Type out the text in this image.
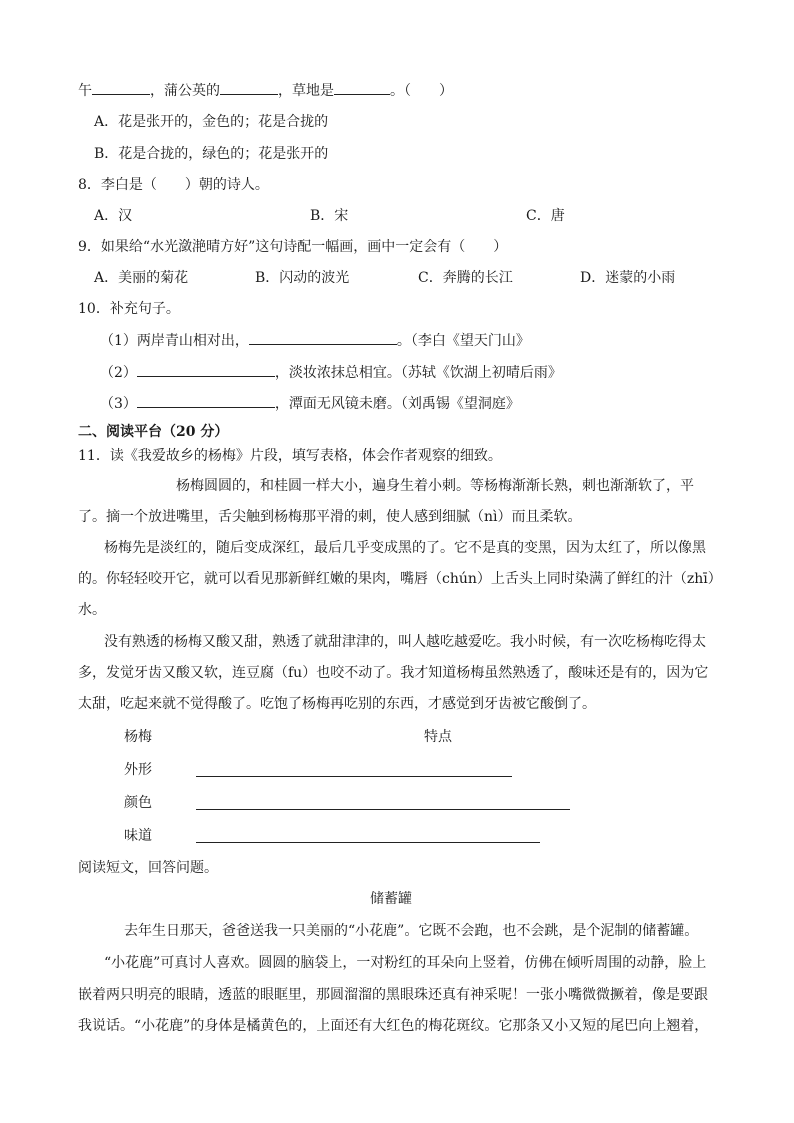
午	，蒲公英的	，草地是	。（　　）
A．花是张开的，金色的；花是合拢的
B．花是合拢的，绿色的；花是张开的
8．李白是（　　）朝的诗人。
A．汉	B．宋	C．唐
9．如果给“水光潋滟晴方好”这句诗配一幅画，画中一定会有（　　）
A．美丽的菊花	B．闪动的波光	C．奔腾的长江	D．迷蒙的小雨
10．补充句子。
（1）两岸青山相对出，	。（李白《望天门山》
（2）	，淡妆浓抹总相宜。（苏轼《饮湖上初晴后雨》
（3）	，潭面无风镜未磨。（刘禹锡《望洞庭》
二、阅读平台（20 分）
11．读《我爱故乡的杨梅》片段，填写表格，体会作者观察的细致。
杨梅圆圆的，和桂圆一样大小，遍身生着小刺。等杨梅渐渐长熟，刺也渐渐软了，平
了。摘一个放进嘴里，舌尖触到杨梅那平滑的刺，使人感到细腻（nì）而且柔软。
杨梅先是淡红的，随后变成深红，最后几乎变成黑的了。它不是真的变黑，因为太红了，所以像黑
的。你轻轻咬开它，就可以看见那新鲜红嫩的果肉，嘴唇（chún）上舌头上同时染满了鲜红的汁（zhī）
水。
没有熟透的杨梅又酸又甜，熟透了就甜津津的，叫人越吃越爱吃。我小时候，有一次吃杨梅吃得太
多，发觉牙齿又酸又软，连豆腐（fu）也咬不动了。我才知道杨梅虽然熟透了，酸味还是有的，因为它
太甜，吃起来就不觉得酸了。吃饱了杨梅再吃别的东西，才感觉到牙齿被它酸倒了。
杨梅	特点
外形
颜色
味道
阅读短文，回答问题。
储蓄罐
去年生日那天，爸爸送我一只美丽的“小花鹿”。它既不会跑，也不会跳，是个泥制的储蓄罐。
“小花鹿”可真讨人喜欢。圆圆的脑袋上，一对粉红的耳朵向上竖着，仿佛在倾听周围的动静，脸上
嵌着两只明亮的眼睛，透蓝的眼眶里，那圆溜溜的黑眼珠还真有神采呢！一张小嘴微微撅着，像是要跟
我说话。“小花鹿”的身体是橘黄色的，上面还有大红色的梅花斑纹。它那条又小又短的尾巴向上翘着，
